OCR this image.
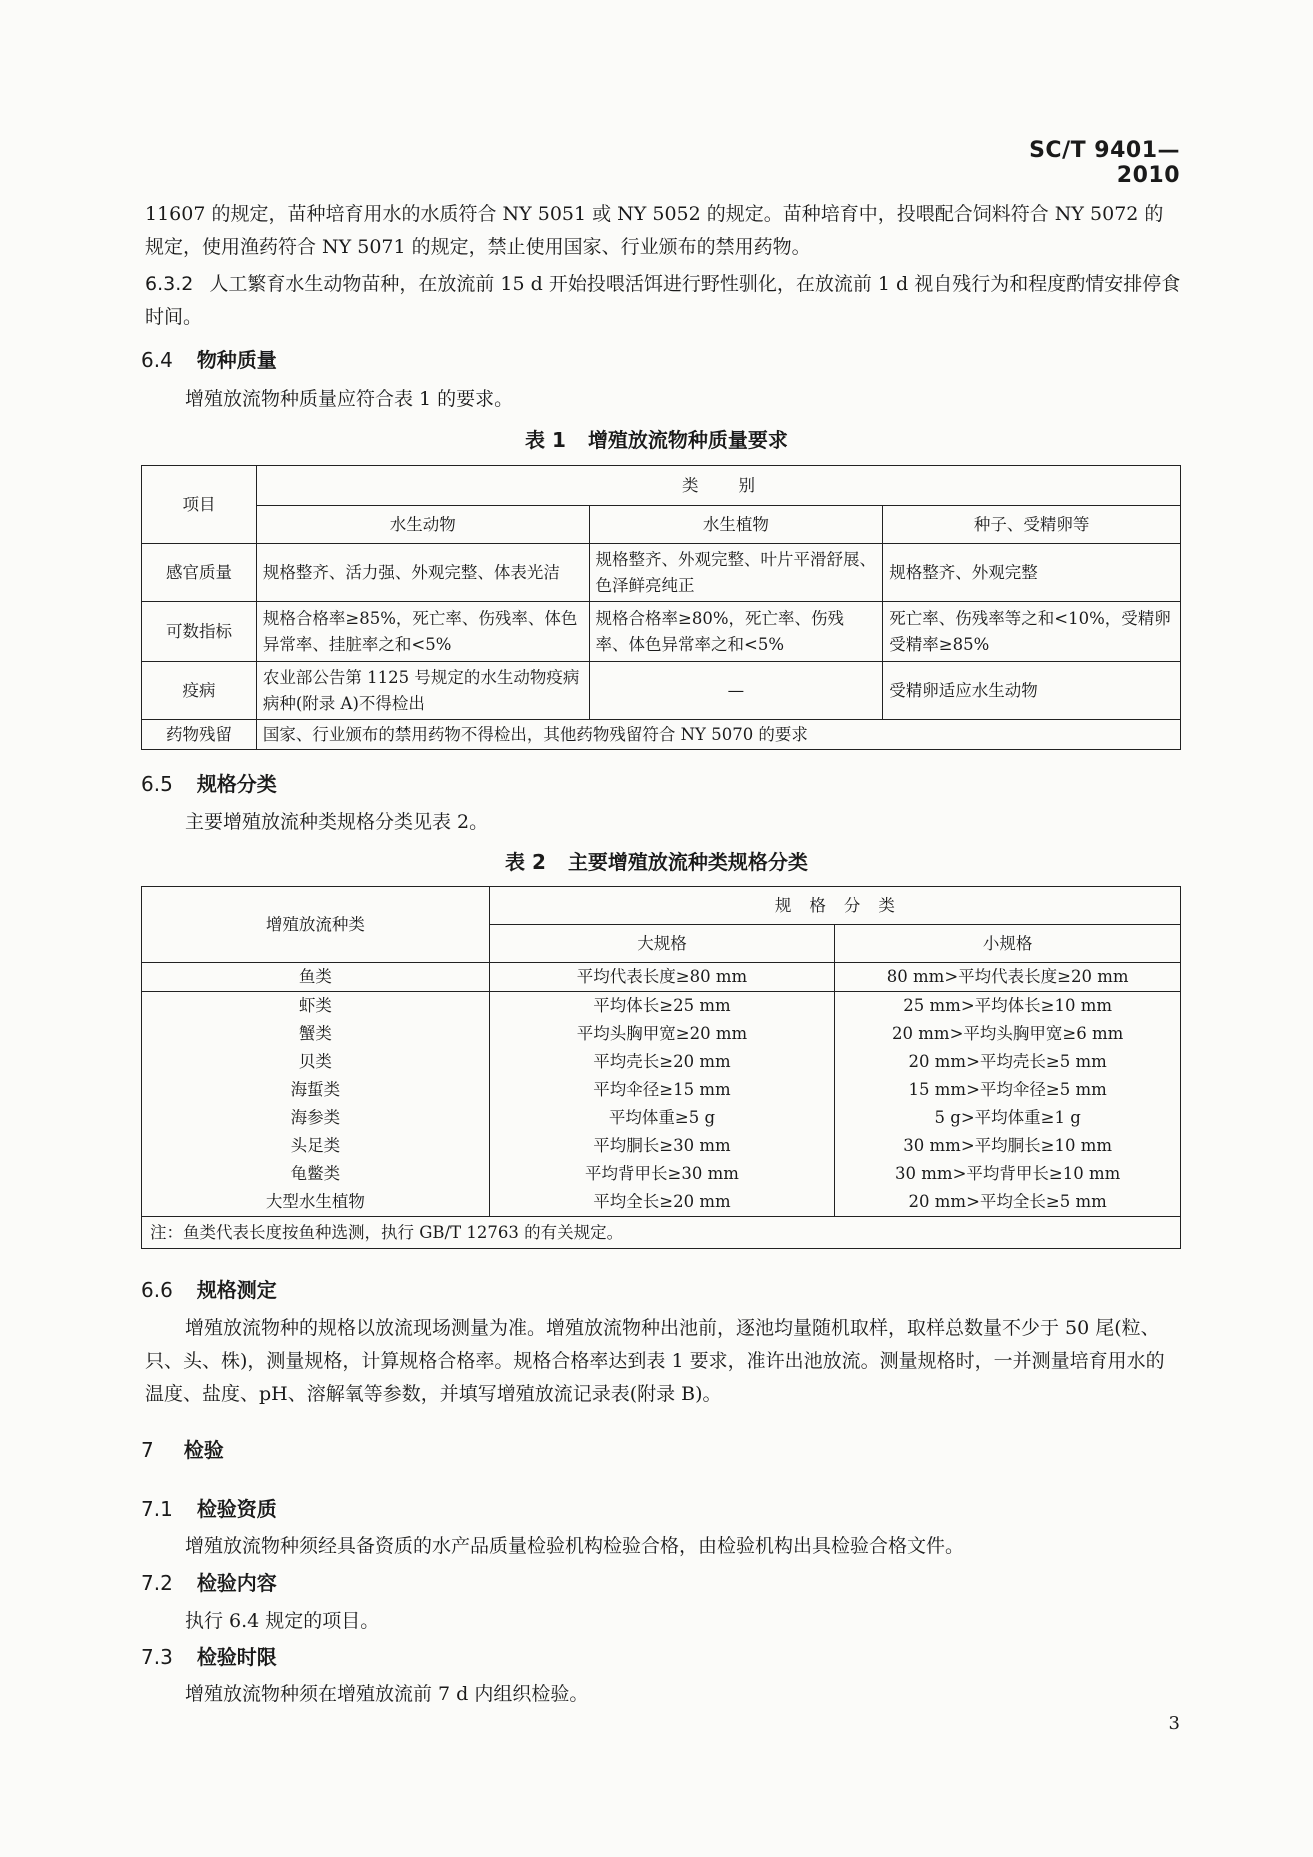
SC/T 9401—2010
11607 的规定，苗种培育用水的水质符合 NY 5051 或 NY 5052 的规定。苗种培育中，投喂配合饲料符合 NY 5072 的规定，使用渔药符合 NY 5071 的规定，禁止使用国家、行业颁布的禁用药物。
6.3.2 人工繁育水生动物苗种，在放流前 15 d 开始投喂活饵进行野性驯化，在放流前 1 d 视自残行为和程度酌情安排停食时间。
6.4 物种质量
增殖放流物种质量应符合表 1 的要求。
表 1 增殖放流物种质量要求
项目	类别		
	水生动物	水生植物	种子、受精卵等
感官质量	规格整齐、活力强、外观完整、体表光洁	规格整齐、外观完整、叶片平滑舒展、色泽鲜亮纯正	规格整齐、外观完整
可数指标	规格合格率≥85%，死亡率、伤残率、体色异常率、挂脏率之和<5%	规格合格率≥80%，死亡率、伤残率、体色异常率之和<5%	死亡率、伤残率等之和<10%，受精卵受精率≥85%
疫病	农业部公告第 1125 号规定的水生动物疫病病种(附录 A)不得检出	—	受精卵适应水生动物
药物残留	国家、行业颁布的禁用药物不得检出，其他药物残留符合 NY 5070 的要求		
6.5 规格分类
主要增殖放流种类规格分类见表 2。
表 2 主要增殖放流种类规格分类
增殖放流种类	规格分类	
	大规格	小规格
鱼类	平均代表长度≥80 mm	80 mm>平均代表长度≥20 mm
虾类	平均体长≥25 mm	25 mm>平均体长≥10 mm
蟹类	平均头胸甲宽≥20 mm	20 mm>平均头胸甲宽≥6 mm
贝类	平均壳长≥20 mm	20 mm>平均壳长≥5 mm
海蜇类	平均伞径≥15 mm	15 mm>平均伞径≥5 mm
海参类	平均体重≥5 g	5 g>平均体重≥1 g
头足类	平均胴长≥30 mm	30 mm>平均胴长≥10 mm
龟鳖类	平均背甲长≥30 mm	30 mm>平均背甲长≥10 mm
大型水生植物	平均全长≥20 mm	20 mm>平均全长≥5 mm
注：鱼类代表长度按鱼种选测，执行 GB/T 12763 的有关规定。		
6.6 规格测定
增殖放流物种的规格以放流现场测量为准。增殖放流物种出池前，逐池均量随机取样，取样总数量不少于 50 尾(粒、只、头、株)，测量规格，计算规格合格率。规格合格率达到表 1 要求，准许出池放流。测量规格时，一并测量培育用水的温度、盐度、pH、溶解氧等参数，并填写增殖放流记录表(附录 B)。
7 检验
7.1 检验资质
增殖放流物种须经具备资质的水产品质量检验机构检验合格，由检验机构出具检验合格文件。
7.2 检验内容
执行 6.4 规定的项目。
7.3 检验时限
增殖放流物种须在增殖放流前 7 d 内组织检验。
3
